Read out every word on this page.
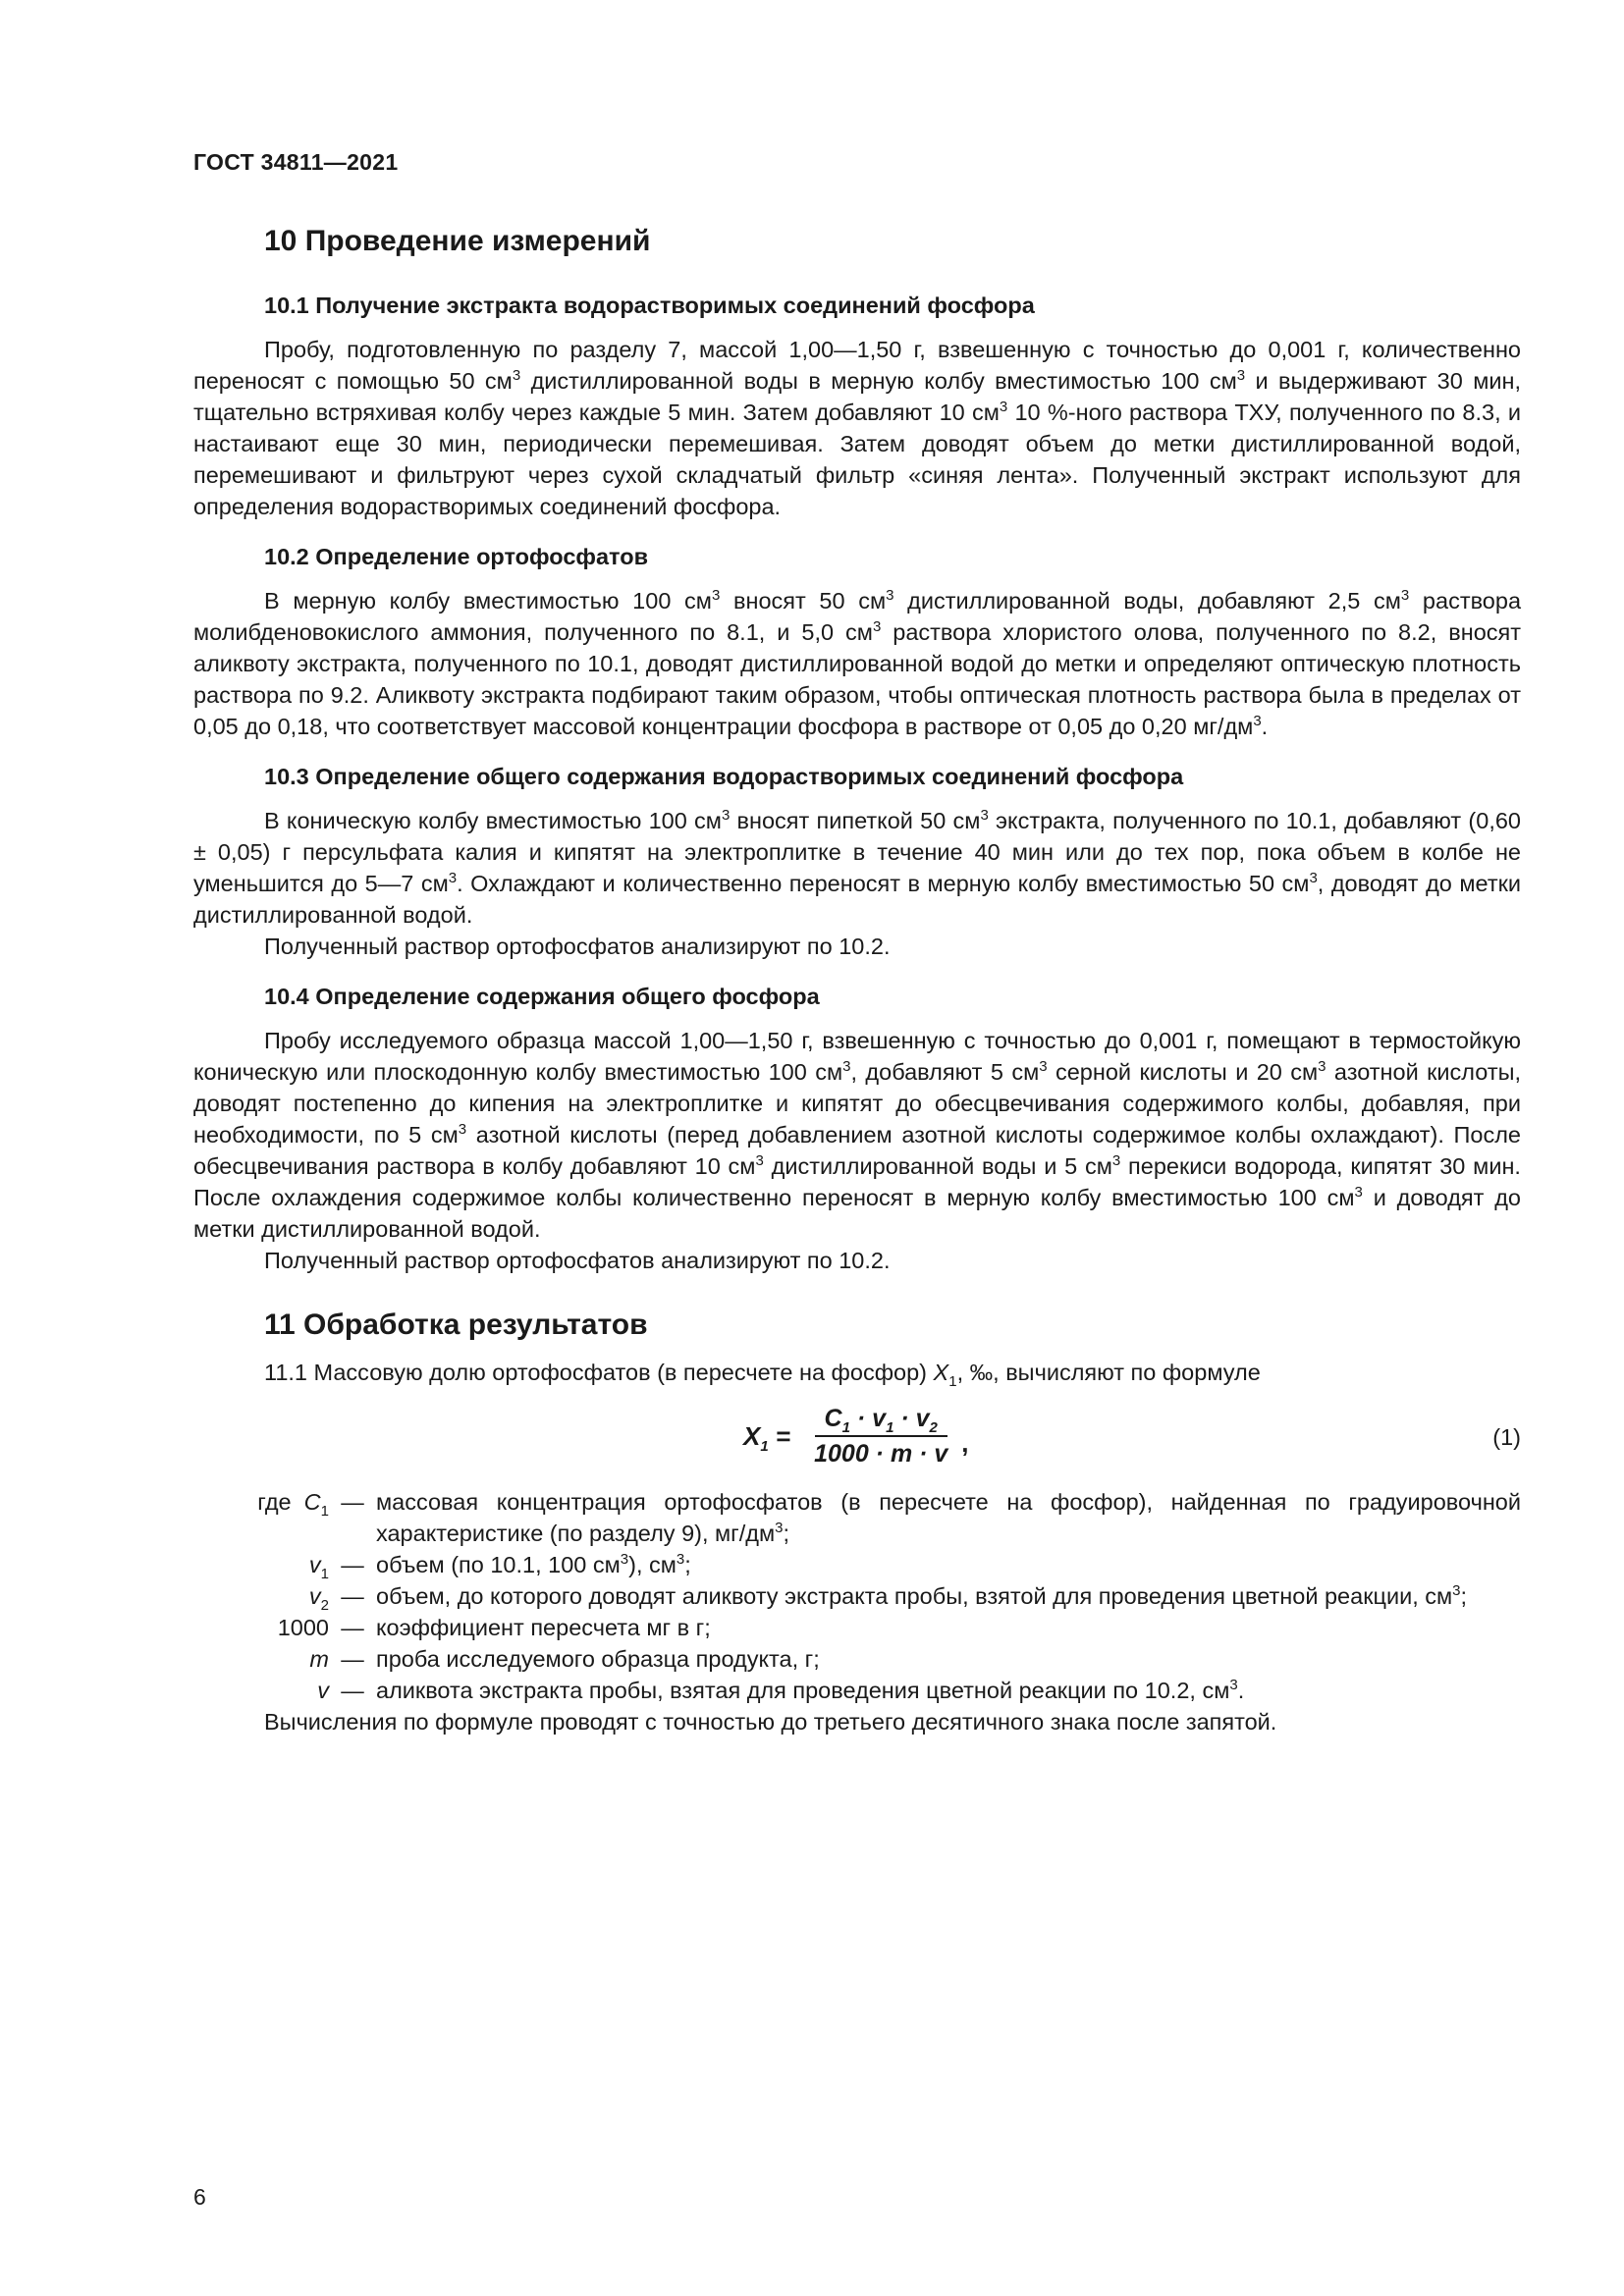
ГОСТ 34811—2021
10 Проведение измерений
10.1 Получение экстракта водорастворимых соединений фосфора

Пробу, подготовленную по разделу 7, массой 1,00—1,50 г, взвешенную с точностью до 0,001 г, количественно переносят с помощью 50 $см^3$ дистиллированной воды в мерную колбу вместимостью 100 $см^3$ и выдерживают 30 мин, тщательно встряхивая колбу через каждые 5 мин. Затем добавляют 10 $см^3$ 10 %-ного раствора ТХУ, полученного по 8.3, и настаивают еще 30 мин, периодически перемешивая. Затем доводят объем до метки дистиллированной водой, перемешивают и фильтруют через сухой складчатый фильтр «синяя лента». Полученный экстракт используют для определения водорастворимых соединений фосфора.

10.2 Определение ортофосфатов

В мерную колбу вместимостью 100 $см^3$ вносят 50 $см^3$ дистиллированной воды, добавляют 2,5 $см^3$ раствора молибденовокислого аммония, полученного по 8.1, и 5,0 $см^3$ раствора хлористого олова, полученного по 8.2, вносят аликвоту экстракта, полученного по 10.1, доводят дистиллированной водой до метки и определяют оптическую плотность раствора по 9.2. Аликвоту экстракта подбирают таким образом, чтобы оптическая плотность раствора была в пределах от 0,05 до 0,18, что соответствует массовой концентрации фосфора в растворе от 0,05 до 0,20 $мг/дм^3$.

10.3 Определение общего содержания водорастворимых соединений фосфора

В коническую колбу вместимостью 100 $см^3$ вносят пипеткой 50 $см^3$ экстракта, полученного по 10.1, добавляют (0,60 ± 0,05) г персульфата калия и кипятят на электроплитке в течение 40 мин или до тех пор, пока объем в колбе не уменьшится до 5—7 $см^3$. Охлаждают и количественно переносят в мерную колбу вместимостью 50 $см^3$, доводят до метки дистиллированной водой.

Полученный раствор ортофосфатов анализируют по 10.2.

10.4 Определение содержания общего фосфора

Пробу исследуемого образца массой 1,00—1,50 г, взвешенную с точностью до 0,001 г, помещают в термостойкую коническую или плоскодонную колбу вместимостью 100 $см^3$, добавляют 5 $см^3$ серной кислоты и 20 $см^3$ азотной кислоты, доводят постепенно до кипения на электроплитке и кипятят до обесцвечивания содержимого колбы, добавляя, при необходимости, по 5 $см^3$ азотной кислоты (перед добавлением азотной кислоты содержимое колбы охлаждают). После обесцвечивания раствора в колбу добавляют 10 $см^3$ дистиллированной воды и 5 $см^3$ перекиси водорода, кипятят 30 мин. После охлаждения содержимое колбы количественно переносят в мерную колбу вместимостью 100 $см^3$ и доводят до метки дистиллированной водой.

Полученный раствор ортофосфатов анализируют по 10.2.

11 Обработка результатов

11.1 Массовую долю ортофосфатов (в пересчете на фосфор) $X_1$, ‰, вычисляют по формуле

$X_1 = \frac{C_1 \cdot v_1 \cdot v_2}{1000 \cdot m \cdot v}$ ,	(1)
где $C_1$ — массовая концентрация ортофосфатов (в пересчете на фосфор), найденная по градуировочной характеристике (по разделу 9), $мг/дм^3$;
$v_1$ — объем (по 10.1, 100 $см^3$), $см^3$;
$v_2$ — объем, до которого доводят аликвоту экстракта пробы, взятой для проведения цветной реакции, $см^3$;
1000 — коэффициент пересчета мг в г;
m — проба исследуемого образца продукта, г;
v — аликвота экстракта пробы, взятая для проведения цветной реакции по 10.2, $см^3$.

Вычисления по формуле проводят с точностью до третьего десятичного знака после запятой.

6
